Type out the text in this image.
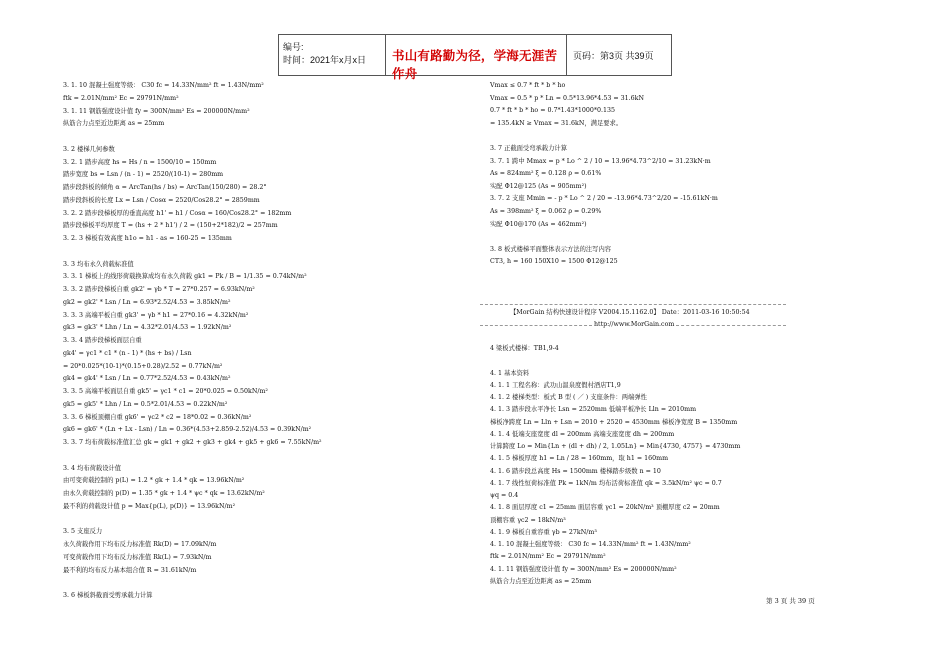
编号:
时间：2021年x月x日 书山有路勤为径，学海无涯苦作舟
页码：第3页 共39页
3. 1. 10 混凝土强度等级： C30 fc = 14.33N/mm² ft = 1.43N/mm²
ftk = 2.01N/mm² Ec = 29791N/mm²
3. 1. 11 钢筋强度设计值 fy = 300N/mm² Es = 200000N/mm²
纵筋合力点至近边距离 as = 25mm
3. 2 楼梯几何参数
3. 2. 1 踏步高度 hs = Hs / n = 1500/10 = 150mm
踏步宽度 bs = Lsn / (n - 1) = 2520/(10-1) = 280mm
踏步段斜板的倾角 α = ArcTan(hs / bs) = ArcTan(150/280) = 28.2°
踏步段斜板的长度 Lx = Lsn / Cosα = 2520/Cos28.2° = 2859mm
3. 2. 2 踏步段梯板厚的垂直高度 h1' = h1 / Cosα = 160/Cos28.2° = 182mm
踏步段梯板平均厚度 T = (hs + 2 * h1') / 2 = (150+2*182)/2 = 257mm
3. 2. 3 梯板有效高度 h1o = h1 - as = 160-25 = 135mm
3. 3 均布永久荷载标准值
3. 3. 1 梯板上的线形荷载换算成均布永久荷载 gk1 = Pk / B = 1/1.35 = 0.74kN/m²
3. 3. 2 踏步段梯板自重 gk2' = γb * T = 27*0.257 = 6.93kN/m²
gk2 = gk2' * Lsn / Ln = 6.93*2.52/4.53 = 3.85kN/m²
3. 3. 3 高端平板自重 gk3' = γb * h1 = 27*0.16 = 4.32kN/m²
gk3 = gk3' * Lhn / Ln = 4.32*2.01/4.53 = 1.92kN/m²
3. 3. 4 踏步段梯板面层自重
gk4' = γc1 * c1 * (n - 1) * (hs + bs) / Lsn
= 20*0.025*(10-1)*(0.15+0.28)/2.52 = 0.77kN/m²
gk4 = gk4' * Lsn / Ln = 0.77*2.52/4.53 = 0.43kN/m²
3. 3. 5 高端平板面层自重 gk5' = γc1 * c1 = 20*0.025 = 0.50kN/m²
gk5 = gk5' * Lhn / Ln = 0.5*2.01/4.53 = 0.22kN/m²
3. 3. 6 梯板顶棚自重 gk6' = γc2 * c2 = 18*0.02 = 0.36kN/m²
gk6 = gk6' * (Ln + Lx - Lsn) / Ln = 0.36*(4.53+2.859-2.52)/4.53 = 0.39kN/m²
3. 3. 7 均布荷载标准值汇总 gk = gk1 + gk2 + gk3 + gk4 + gk5 + gk6 = 7.55kN/m²
3. 4 均布荷载设计值
由可变荷载控制的 p(L) = 1.2 * gk + 1.4 * qk = 13.96kN/m²
由永久荷载控制的 p(D) = 1.35 * gk + 1.4 * ψc * qk = 13.62kN/m²
最不利的荷载设计值 p = Max{p(L), p(D)} = 13.96kN/m²
3. 5 支座反力
永久荷载作用下均布反力标准值 Rk(D) = 17.09kN/m
可变荷载作用下均布反力标准值 Rk(L) = 7.93kN/m
最不利的均布反力基本组合值 R = 31.61kN/m
3. 6 梯板斜截面受剪承载力计算
Vmax ≤ 0.7 * ft * b * ho
Vmax = 0.5 * p * Ln = 0.5*13.96*4.53 = 31.6kN
0.7 * ft * b * ho = 0.7*1.43*1000*0.135
= 135.4kN ≥ Vmax = 31.6kN，满足要求。
3. 7 正截面受弯承载力计算
3. 7. 1 跨中 Mmax = p * Lo ^ 2 / 10 = 13.96*4.73^2/10 = 31.23kN·m
As = 824mm² ξ = 0.128 ρ = 0.61%
实配 Φ12@125 (As = 905mm²)
3. 7. 2 支座 Mmin = - p * Lo ^ 2 / 20 = -13.96*4.73^2/20 = -15.61kN·m
As = 398mm² ξ = 0.062 ρ = 0.29%
实配 Φ10@170 (As = 462mm²)
3. 8 板式楼梯平面整体表示方法的注写内容
CT3, h = 160 150X10 = 1500 Φ12@125
【MorGain 结构快速设计程序 V2004.15.1162.0】 Date：2011-03-16 10:50:54
http://www.MorGain.com
4 梁板式楼梯：TB1,9-4
4. 1 基本资料
4. 1. 1 工程名称：武功山温泉度假村酒店T1,9
4. 1. 2 楼梯类型：板式 B 型 ( ／ ) 支座条件：两端弹性
4. 1. 3 踏步段水平净长 Lsn = 2520mm 低端平板净长 Lln = 2010mm
梯板净跨度 Ln = Lln + Lsn = 2010 + 2520 = 4530mm 梯板净宽度 B = 1350mm
4. 1. 4 低端支座宽度 dl = 200mm 高端支座宽度 dh = 200mm
计算跨度 Lo = Min{Ln + (dl + dh) / 2, 1.05Ln} = Min{4730, 4757} = 4730mm
4. 1. 5 梯板厚度 h1 = Ln / 28 = 160mm，取 h1 = 160mm
4. 1. 6 踏步段总高度 Hs = 1500mm 楼梯踏步级数 n = 10
4. 1. 7 线性恒荷标准值 Pk = 1kN/m 均布活荷标准值 qk = 3.5kN/m² ψc = 0.7
ψq = 0.4
4. 1. 8 面层厚度 c1 = 25mm 面层容重 γc1 = 20kN/m³ 顶棚厚度 c2 = 20mm
顶棚容重 γc2 = 18kN/m³
4. 1. 9 梯板自重容重 γb = 27kN/m³
4. 1. 10 混凝土强度等级： C30 fc = 14.33N/mm² ft = 1.43N/mm²
ftk = 2.01N/mm² Ec = 29791N/mm²
4. 1. 11 钢筋强度设计值 fy = 300N/mm² Es = 200000N/mm²
纵筋合力点至近边距离 as = 25mm
第 3 页 共 39 页
